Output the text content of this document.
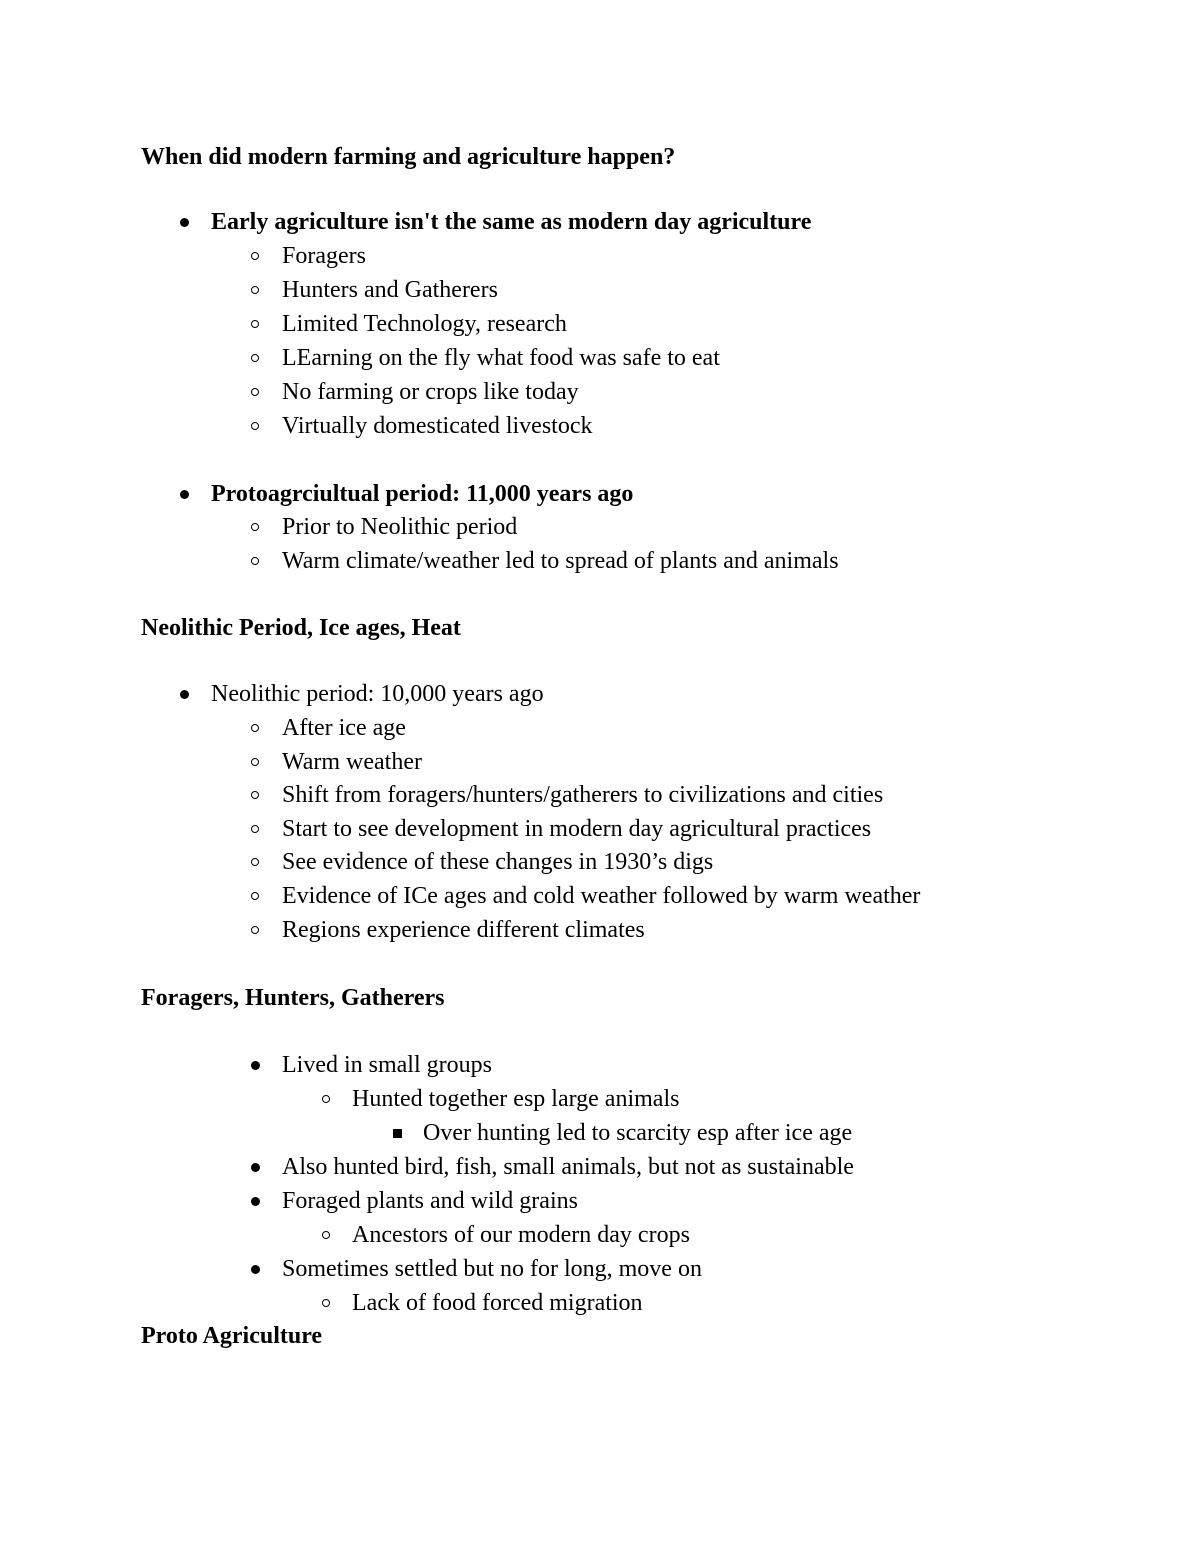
When did modern farming and agriculture happen?
Early agriculture isn't the same as modern day agriculture
Foragers
Hunters and Gatherers
Limited Technology, research
LEarning on the fly what food was safe to eat
No farming or crops like today
Virtually domesticated livestock
Protoagrciultual period: 11,000 years ago
Prior to Neolithic period
Warm climate/weather led to spread of plants and animals
Neolithic Period, Ice ages, Heat
Neolithic period: 10,000 years ago
After ice age
Warm weather
Shift from foragers/hunters/gatherers to civilizations and cities
Start to see development in modern day agricultural practices
See evidence of these changes in 1930’s digs
Evidence of ICe ages and cold weather followed by warm weather
Regions experience different climates
Foragers, Hunters, Gatherers
Lived in small groups
Hunted together esp large animals
Over hunting led to scarcity esp after ice age
Also hunted bird, fish, small animals, but not as sustainable
Foraged plants and wild grains
Ancestors of our modern day crops
Sometimes settled but no for long, move on
Lack of food forced migration
Proto Agriculture
